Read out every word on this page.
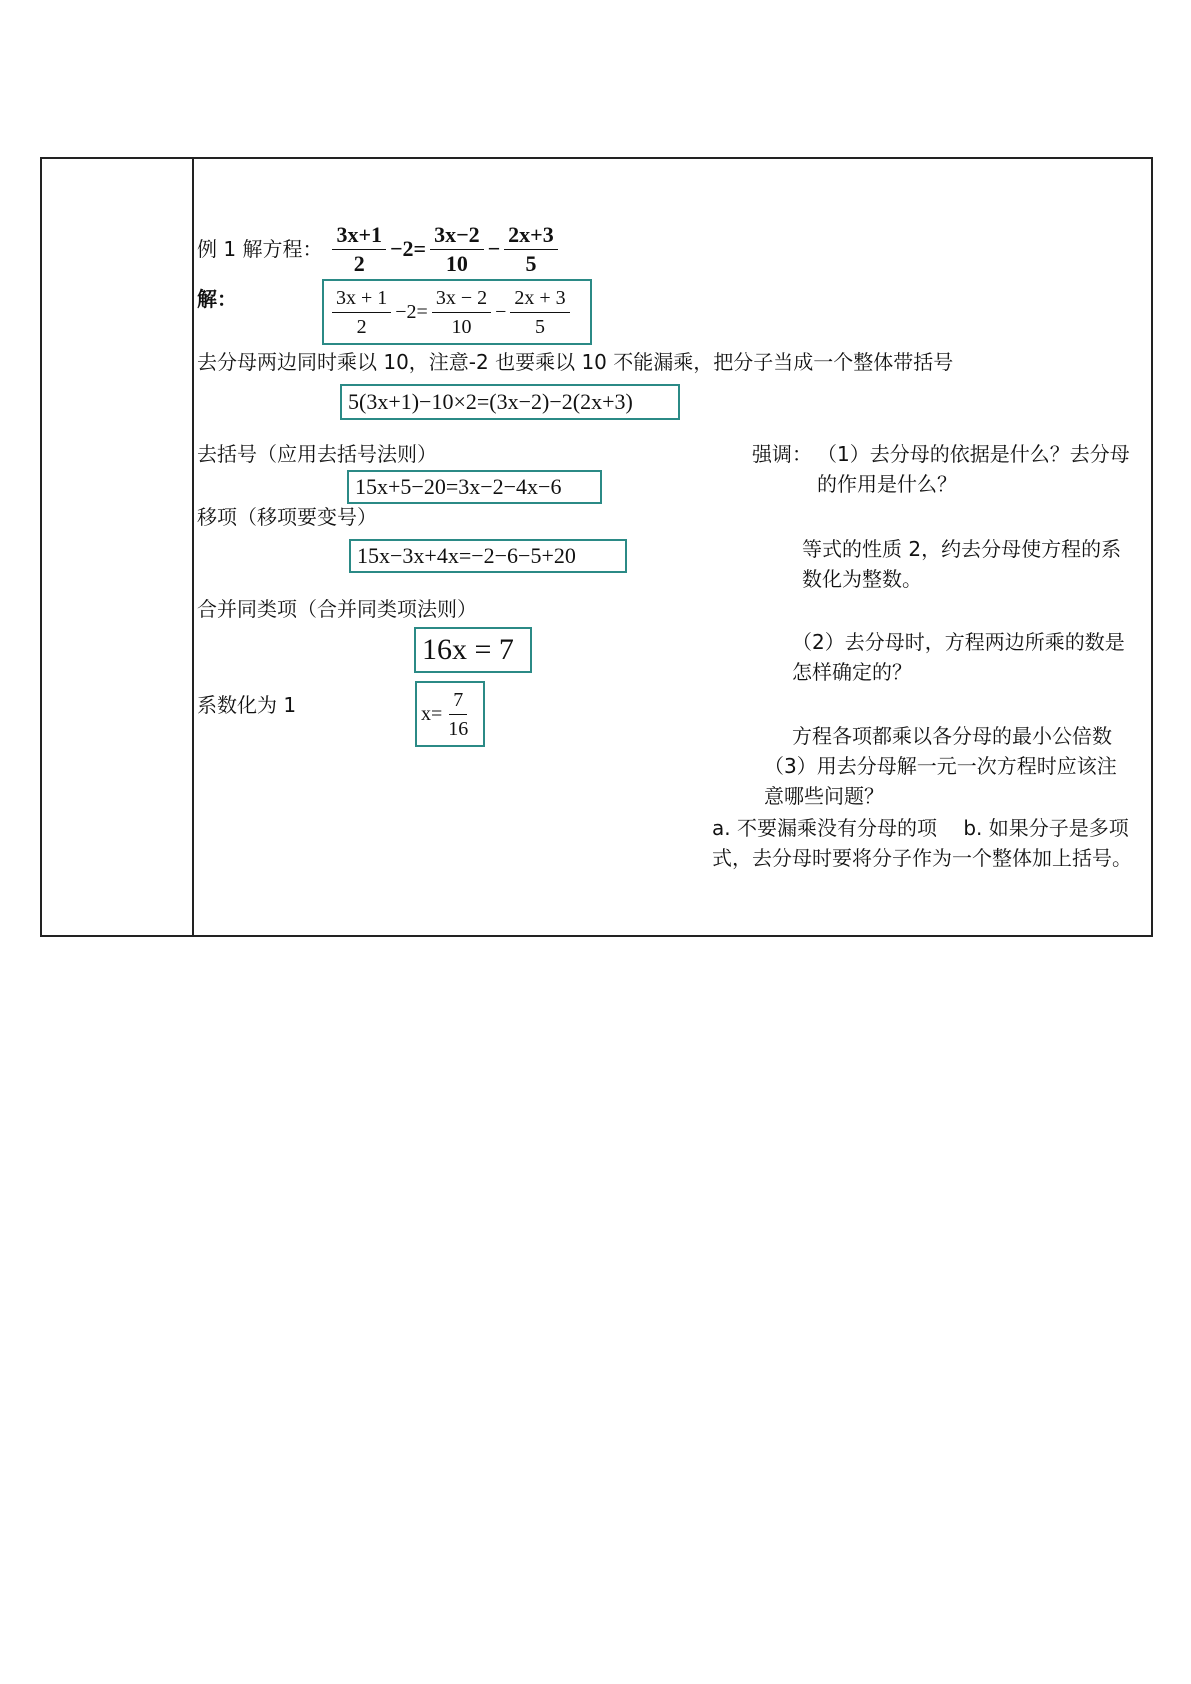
例 1 解方程： $\frac{3x+1}{2} -2= \frac{3x-2}{10} - \frac{2x+3}{5}$
解：	$\frac{3x + 1}{2} -2= \frac{3x - 2}{10} - \frac{2x + 3}{5}$
去分母两边同时乘以 10，注意-2 也要乘以 10 不能漏乘，把分子当成一个整体带括号
5(3x+1)−10×2=(3x−2)−2(2x+3)
去括号（应用去括号法则）
15x+5−20=3x−2−4x−6
移项（移项要变号）
15x−3x+4x=−2−6−5+20
合并同类项（合并同类项法则）
16x = 7
系数化为 1	$x= \frac{7}{16}$
强调： （1）去分母的依据是什么？去分母的作用是什么？
等式的性质 2，约去分母使方程的系数化为整数。
（2）去分母时，方程两边所乘的数是怎样确定的？
方程各项都乘以各分母的最小公倍数
（3）用去分母解一元一次方程时应该注意哪些问题？
a. 不要漏乘没有分母的项　 b. 如果分子是多项式，去分母时要将分子作为一个整体加上括号。
